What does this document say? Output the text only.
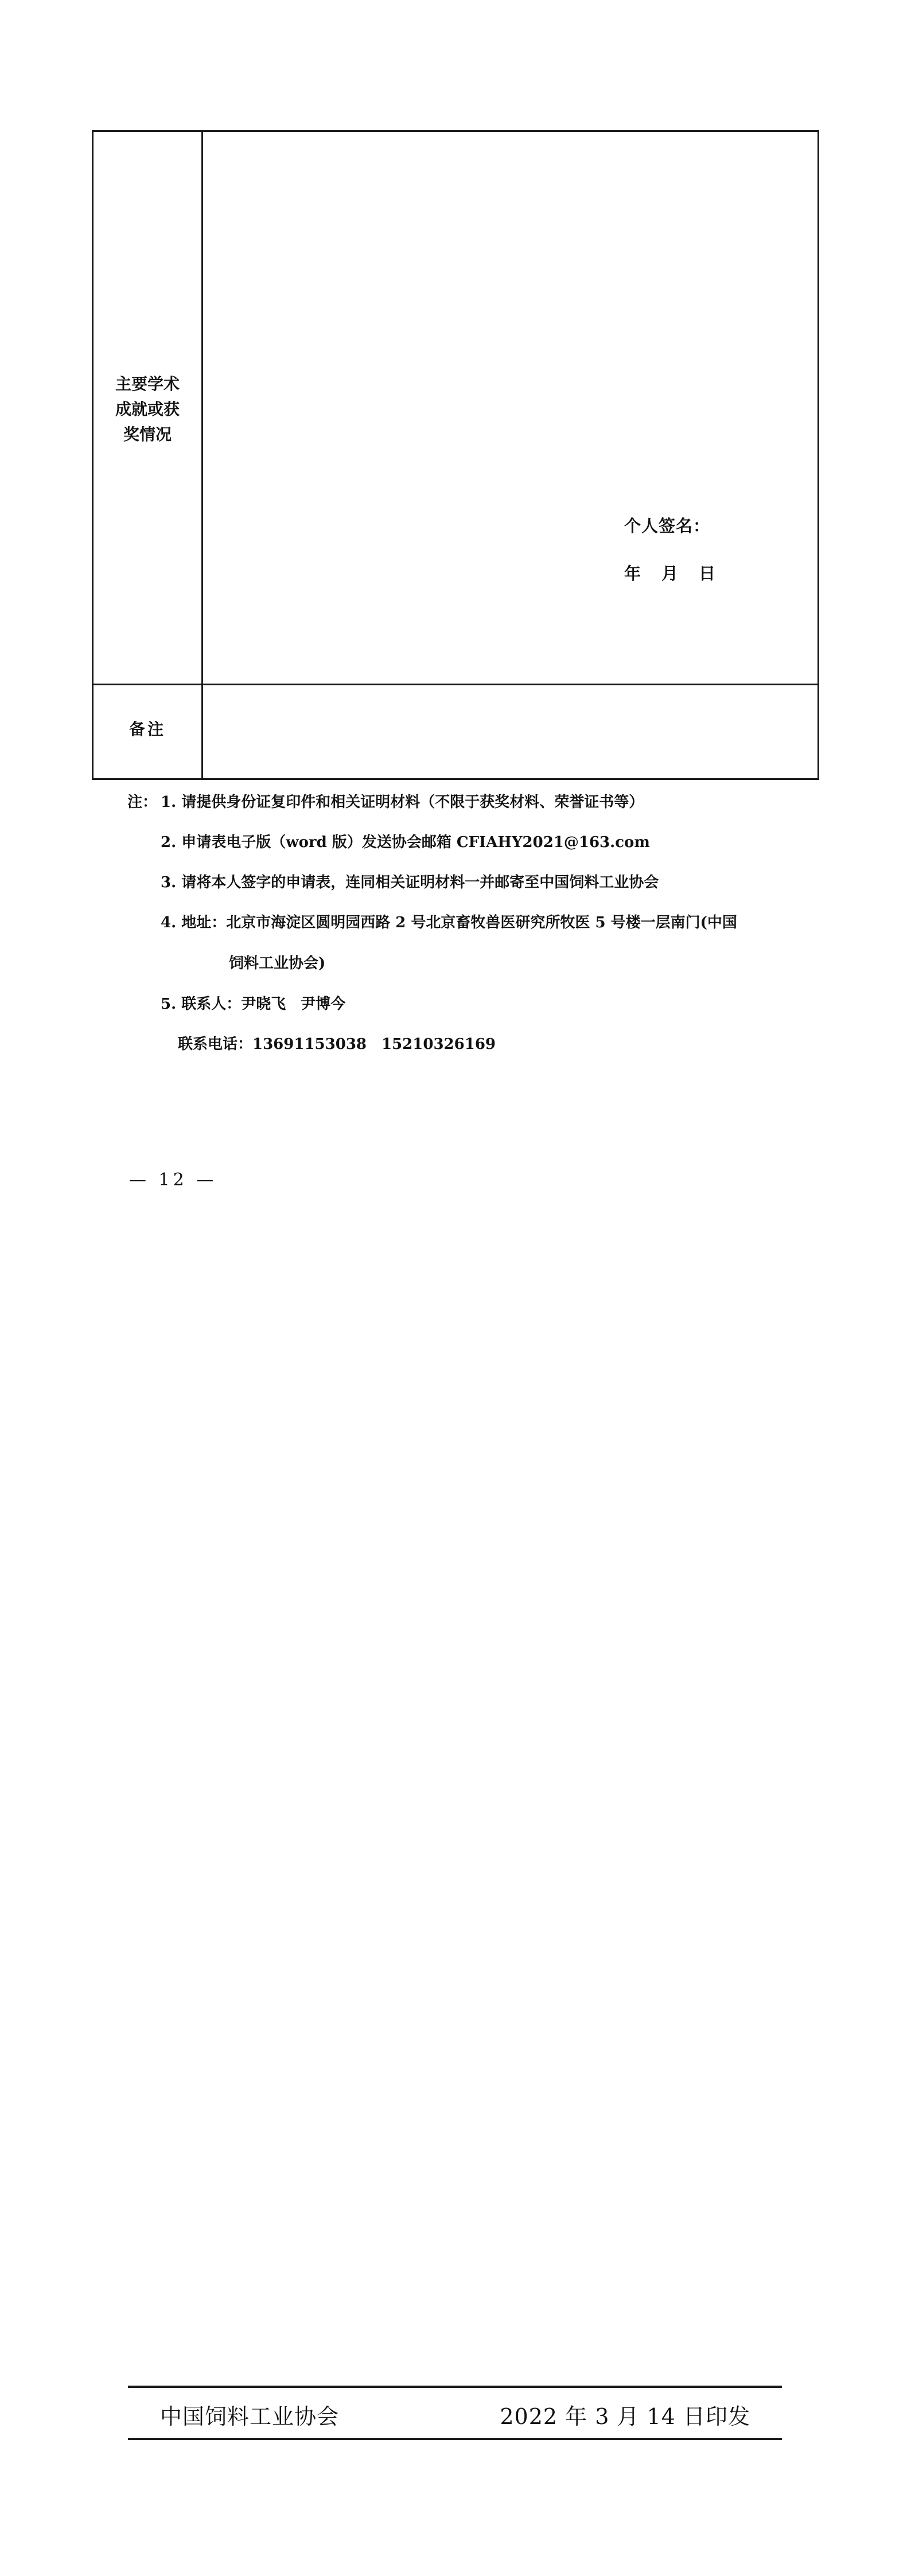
主要学术
成就或获
奖情况
个人签名：
年 月 日
备注
注： 1. 请提供身份证复印件和相关证明材料（不限于获奖材料、荣誉证书等）
2. 申请表电子版（word 版）发送协会邮箱 CFIAHY2021@163.com
3. 请将本人签字的申请表，连同相关证明材料一并邮寄至中国饲料工业协会
4. 地址：北京市海淀区圆明园西路 2 号北京畜牧兽医研究所牧医 5 号楼一层南门(中国
饲料工业协会)
5. 联系人：尹晓飞　尹博今
联系电话：13691153038　15210326169
— 12 —
中国饲料工业协会	2022 年 3 月 14 日印发
